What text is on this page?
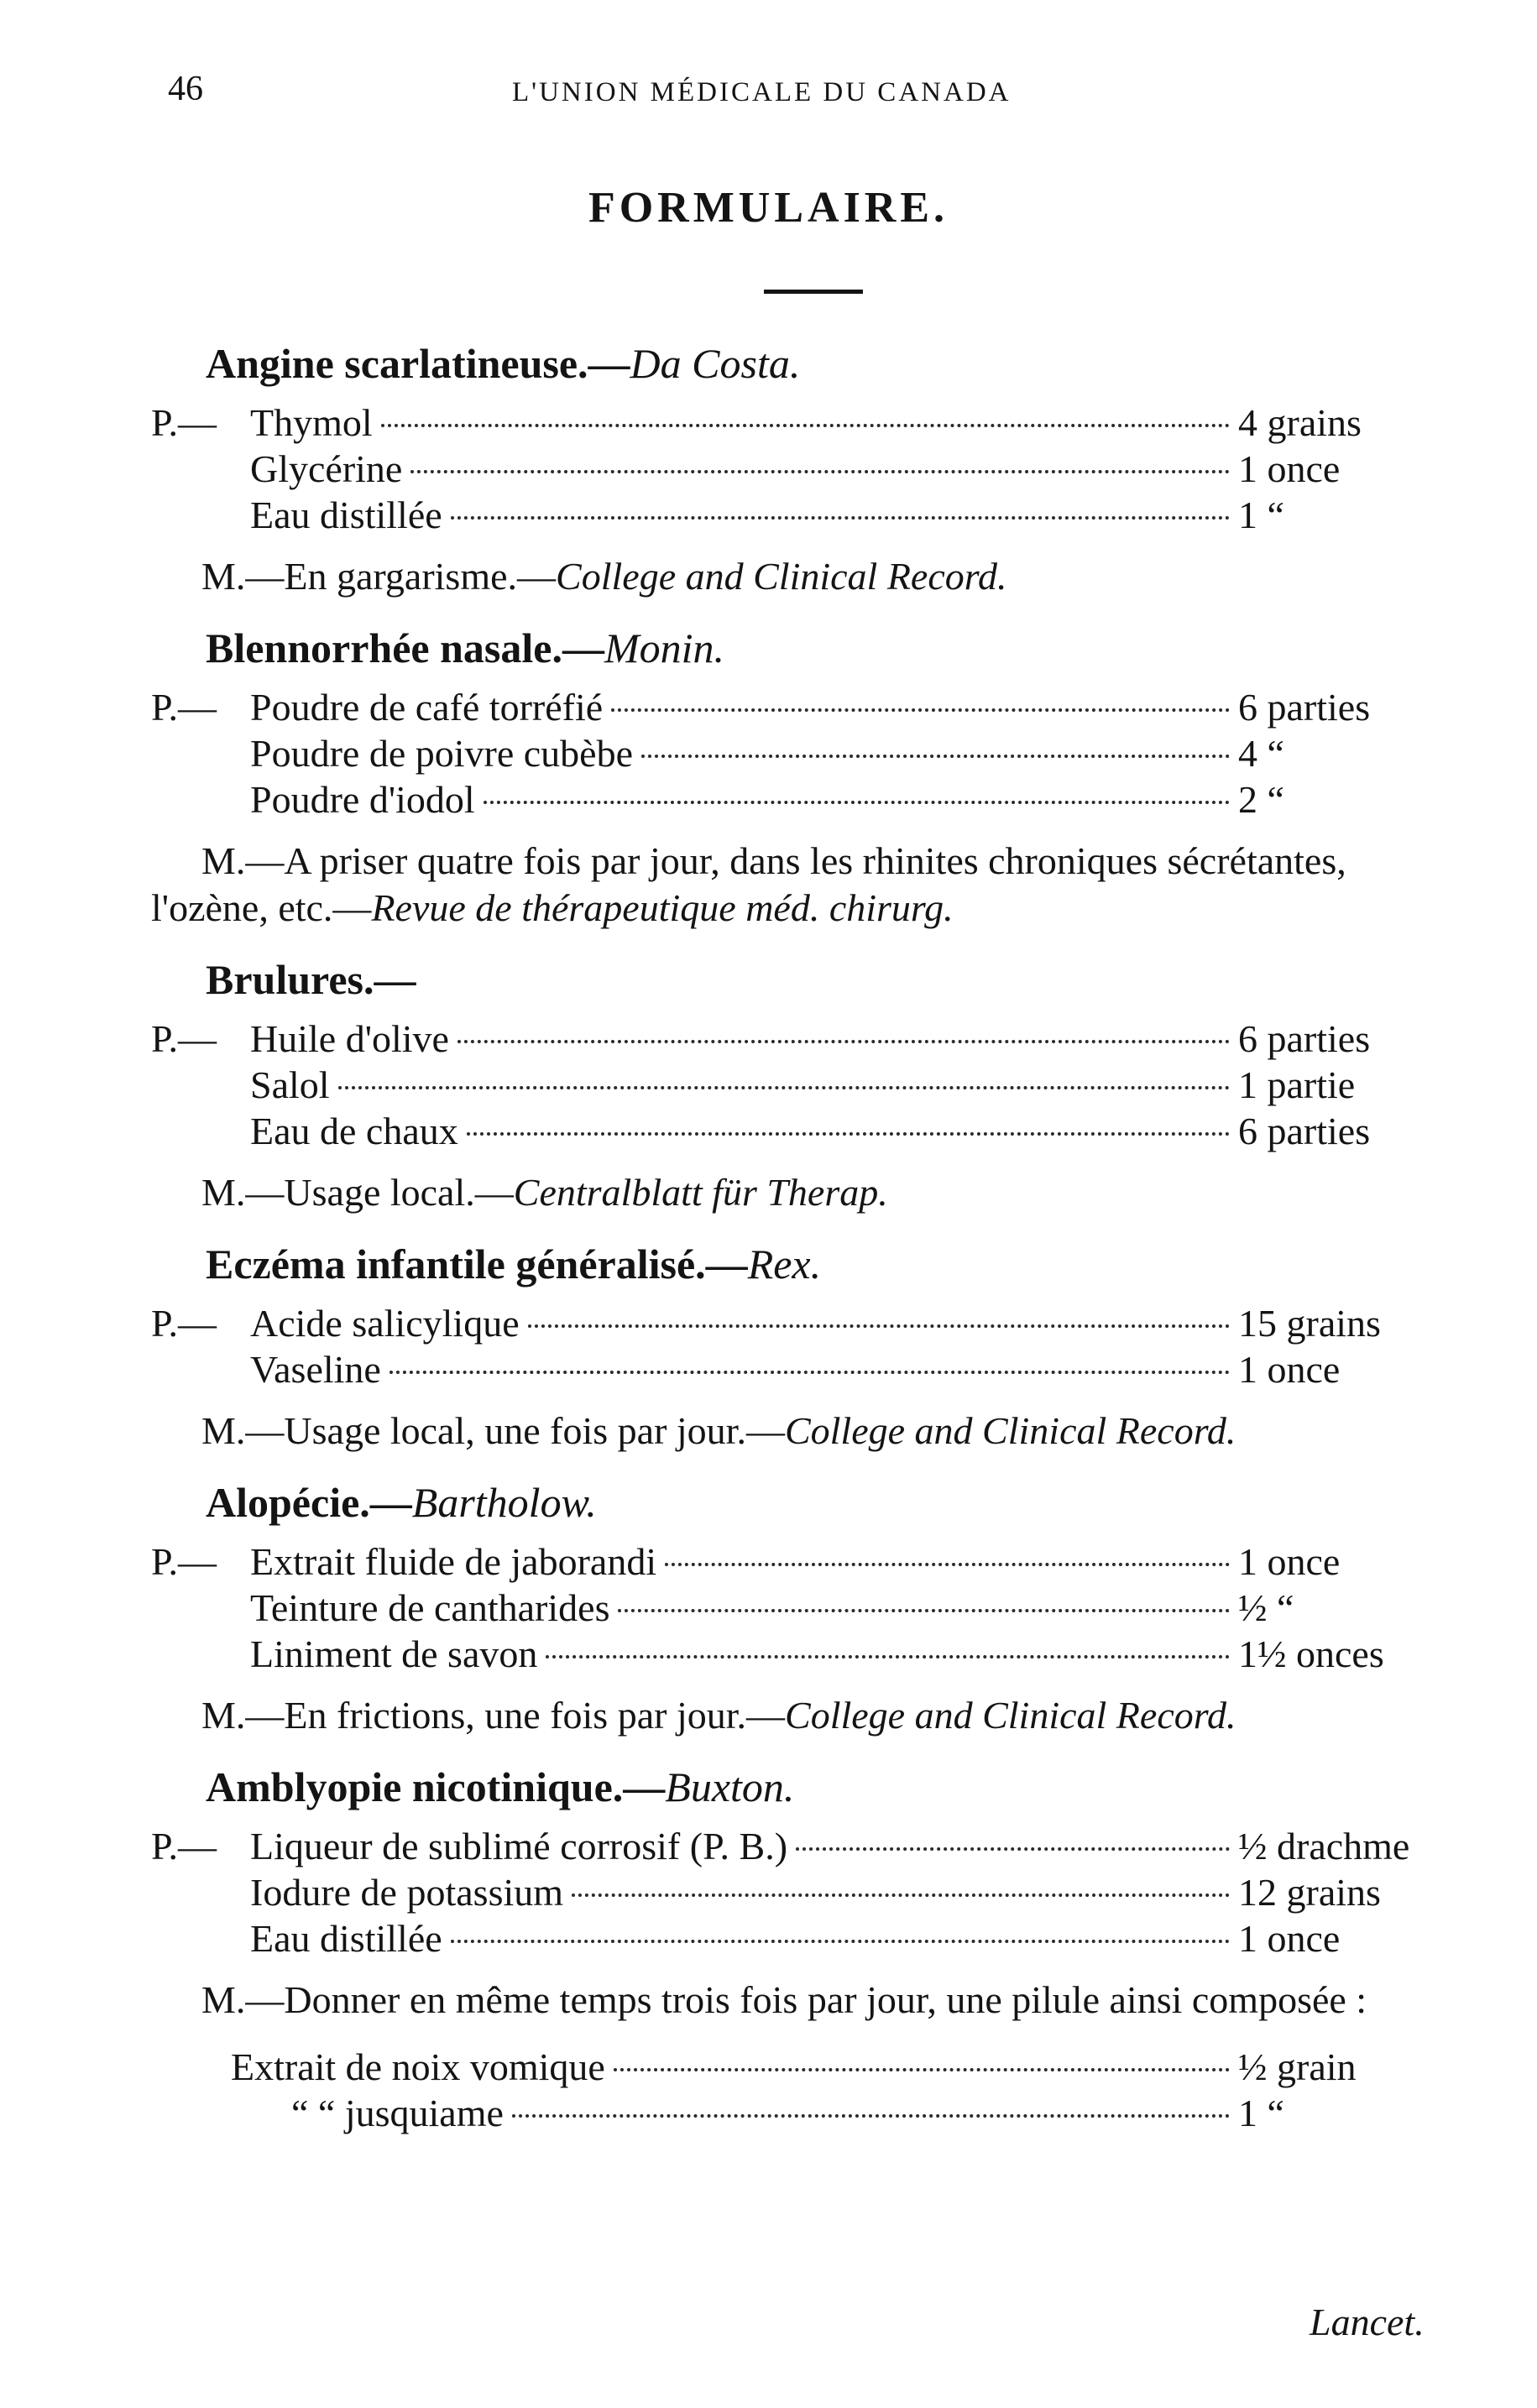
46	L'UNION MÉDICALE DU CANADA
FORMULAIRE.
Angine scarlatineuse.—Da Costa.
P.— Thymol	4 grains
Glycérine	1 once
Eau distillée	1 “
M.—En gargarisme.—College and Clinical Record.
Blennorrhée nasale.—Monin.
P.— Poudre de café torréfié	6 parties
Poudre de poivre cubèbe	4 “
Poudre d'iodol	2 “
M.—A priser quatre fois par jour, dans les rhinites chroniques sécrétantes, l'ozène, etc.—Revue de thérapeutique méd. chirurg.
Brulures.—
P.— Huile d'olive	6 parties
Salol	1 partie
Eau de chaux	6 parties
M.—Usage local.—Centralblatt für Therap.
Eczéma infantile généralisé.—Rex.
P.— Acide salicylique	15 grains
Vaseline	1 once
M.—Usage local, une fois par jour.—College and Clinical Record.
Alopécie.—Bartholow.
P.— Extrait fluide de jaborandi	1 once
Teinture de cantharides	½ “
Liniment de savon	1½ onces
M.—En frictions, une fois par jour.—College and Clinical Record.
Amblyopie nicotinique.—Buxton.
P.— Liqueur de sublimé corrosif (P. B.)	½ drachme
Iodure de potassium	12 grains
Eau distillée	1 once
M.—Donner en même temps trois fois par jour, une pilule ainsi composée :
Extrait de noix vomique	½ grain
“ “ jusquiame	1 “
Lancet.
